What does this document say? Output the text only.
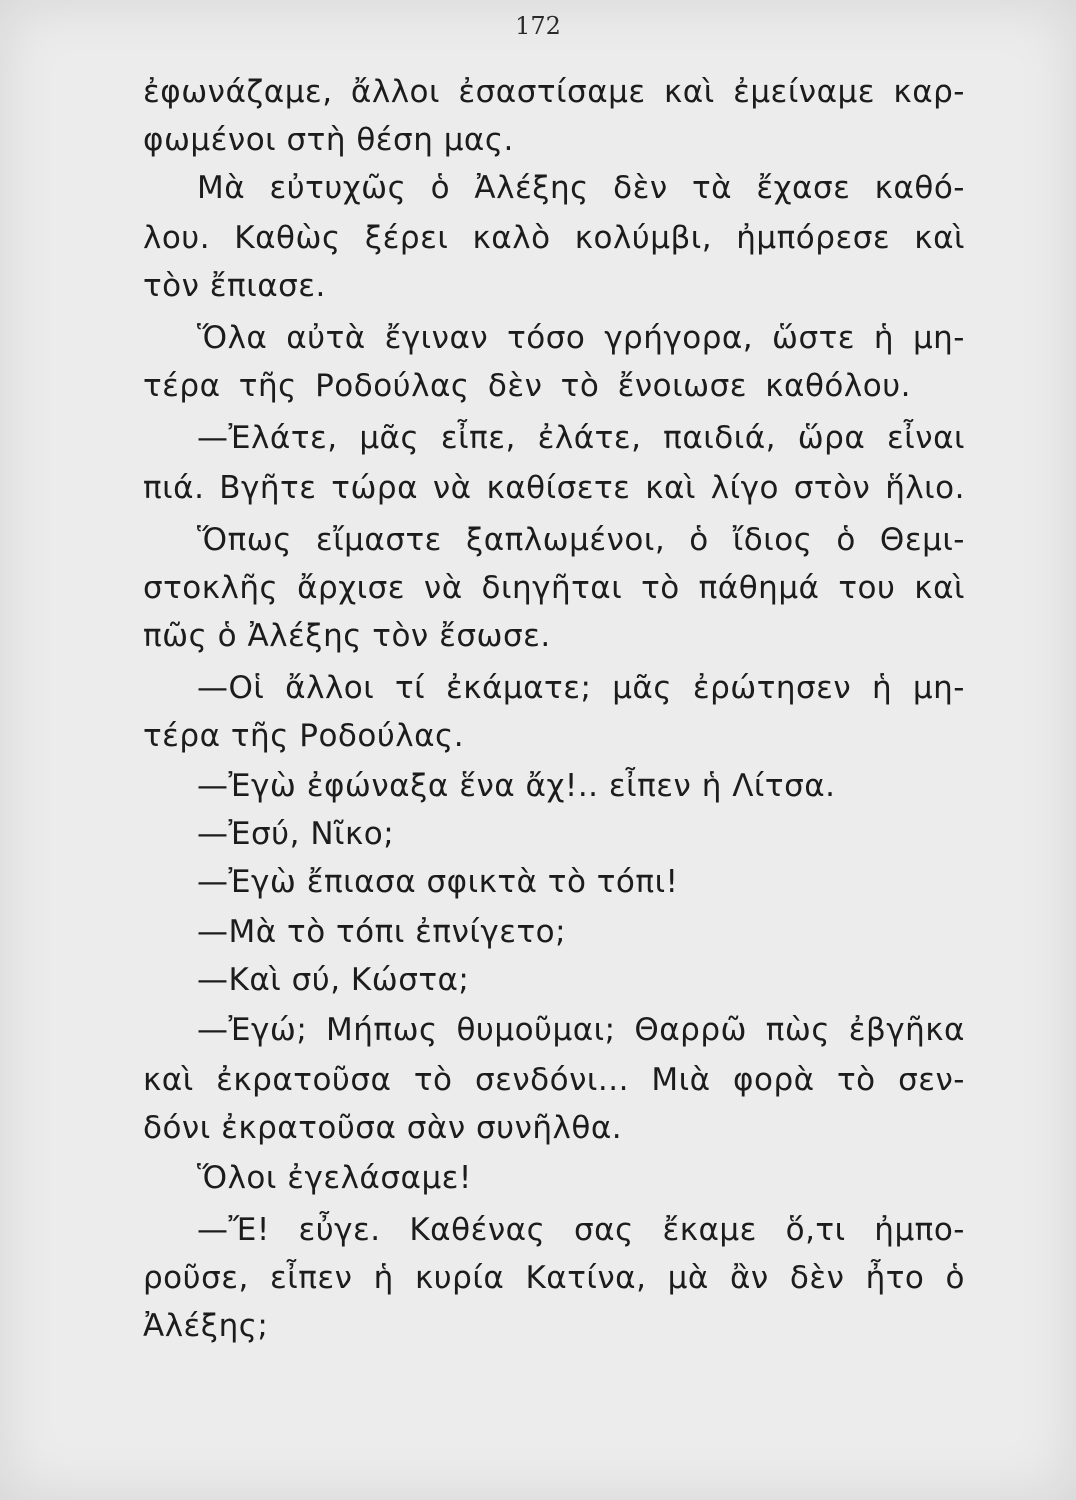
172
ἐφωνάζαμε, ἄλλοι ἐσαστίσαμε καὶ ἐμείναμε καρ-
φωμένοι στὴ θέση μας.
Μὰ εὐτυχῶς ὁ Ἀλέξης δὲν τὰ ἔχασε καθό-
λου. Καθὼς ξέρει καλὸ κολύμβι, ἠμπόρεσε καὶ
τὸν ἔπιασε.
Ὅλα αὐτὰ ἔγιναν τόσο γρήγορα, ὥστε ἡ μη-
τέρα τῆς Ροδούλας δὲν τὸ ἔνοιωσε καθόλου.
—Ἐλάτε, μᾶς εἶπε, ἐλάτε, παιδιά, ὥρα εἶναι
πιά. Βγῆτε τώρα νὰ καθίσετε καὶ λίγο στὸν ἥλιο.
Ὅπως εἴμαστε ξαπλωμένοι, ὁ ἴδιος ὁ Θεμι-
στοκλῆς ἄρχισε νὰ διηγῆται τὸ πάθημά του καὶ
πῶς ὁ Ἀλέξης τὸν ἔσωσε.
—Οἱ ἄλλοι τί ἐκάματε; μᾶς ἐρώτησεν ἡ μη-
τέρα τῆς Ροδούλας.
—Ἐγὼ ἐφώναξα ἕνα ἄχ!.. εἶπεν ἡ Λίτσα.
—Ἐσύ, Νῖκο;
—Ἐγὼ ἔπιασα σφικτὰ τὸ τόπι!
—Μὰ τὸ τόπι ἐπνίγετο;
—Καὶ σύ, Κώστα;
—Ἐγώ; Μήπως θυμοῦμαι; Θαρρῶ πὼς ἐβγῆκα
καὶ ἐκρατοῦσα τὸ σενδόνι... Μιὰ φορὰ τὸ σεν-
δόνι ἐκρατοῦσα σὰν συνῆλθα.
Ὅλοι ἐγελάσαμε!
—Ἔ! εὖγε. Καθένας σας ἔκαμε ὅ,τι ἠμπο-
ροῦσε, εἶπεν ἡ κυρία Κατίνα, μὰ ἂν δὲν ἦτο ὁ
Ἀλέξης;
